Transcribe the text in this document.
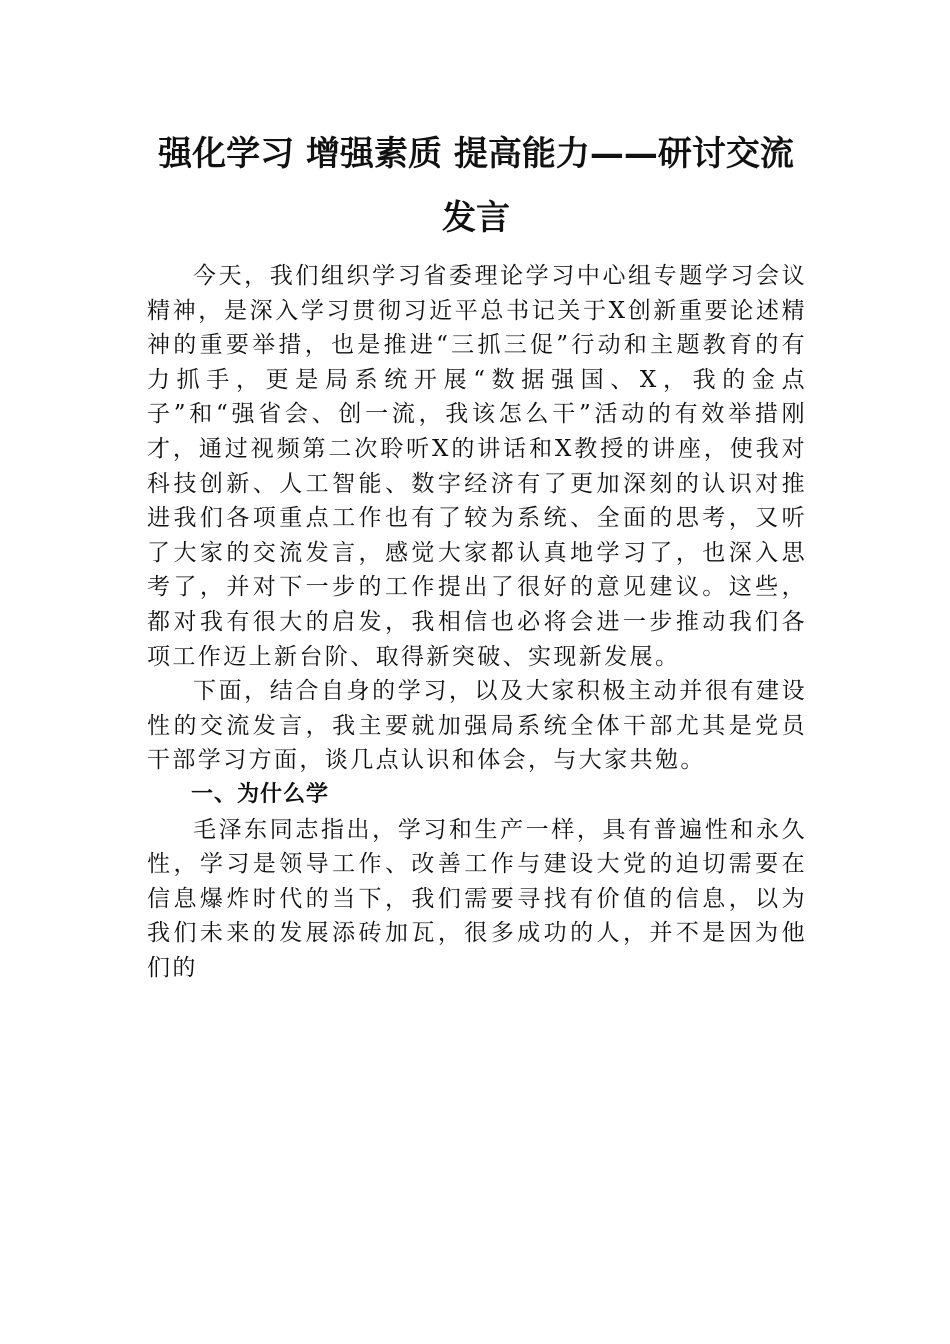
强化学习 增强素质 提高能力——研讨交流发言

今天，我们组织学习省委理论学习中心组专题学习会议精神，是深入学习贯彻习近平总书记关于X创新重要论述精神的重要举措，也是推进“三抓三促”行动和主题教育的有力抓手，更是局系统开展“数据强国、X，我的金点子”和“强省会、创一流，我该怎么干”活动的有效举措刚才，通过视频第二次聆听X的讲话和X教授的讲座，使我对科技创新、人工智能、数字经济有了更加深刻的认识对推进我们各项重点工作也有了较为系统、全面的思考，又听了大家的交流发言，感觉大家都认真地学习了，也深入思考了，并对下一步的工作提出了很好的意见建议。这些，都对我有很大的启发，我相信也必将会进一步推动我们各项工作迈上新台阶、取得新突破、实现新发展。

下面，结合自身的学习，以及大家积极主动并很有建设性的交流发言，我主要就加强局系统全体干部尤其是党员干部学习方面，谈几点认识和体会，与大家共勉。

一、为什么学

毛泽东同志指出，学习和生产一样，具有普遍性和永久性，学习是领导工作、改善工作与建设大党的迫切需要在信息爆炸时代的当下，我们需要寻找有价值的信息，以为我们未来的发展添砖加瓦，很多成功的人，并不是因为他们的
